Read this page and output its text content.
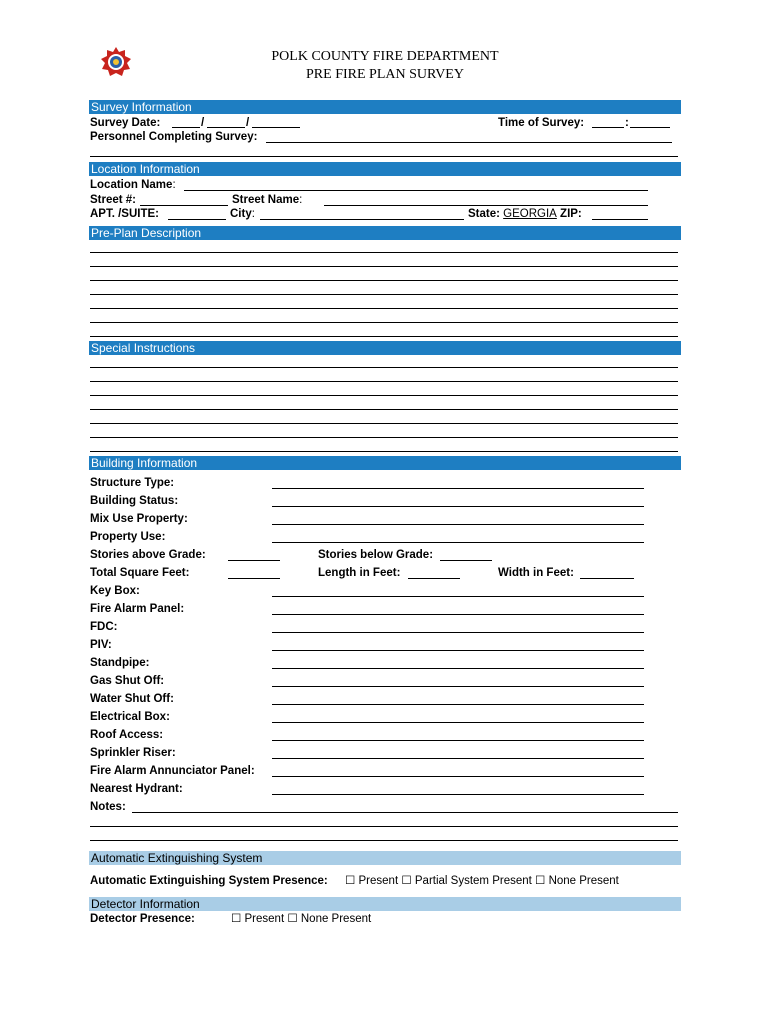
POLK COUNTY FIRE DEPARTMENT
PRE FIRE PLAN SURVEY
Survey Information
Survey Date:	/	/	Time of Survey:	:
Personnel Completing Survey:
Location Information
Location Name:
Street #:	Street Name:
APT. /SUITE:	City:	State: GEORGIA ZIP:
Pre-Plan Description
Special Instructions
Building Information
Structure Type:
Building Status:
Mix Use Property:
Property Use:
Stories above Grade:	Stories below Grade:
Total Square Feet:	Length in Feet:	Width in Feet:
Key Box:
Fire Alarm Panel:
FDC:
PIV:
Standpipe:
Gas Shut Off:
Water Shut Off:
Electrical Box:
Roof Access:
Sprinkler Riser:
Fire Alarm Annunciator Panel:
Nearest Hydrant:
Notes:
Automatic Extinguishing System
Automatic Extinguishing System Presence: ☐ Present ☐ Partial System Present ☐ None Present
Detector Information
Detector Presence:	☐ Present ☐ None Present
